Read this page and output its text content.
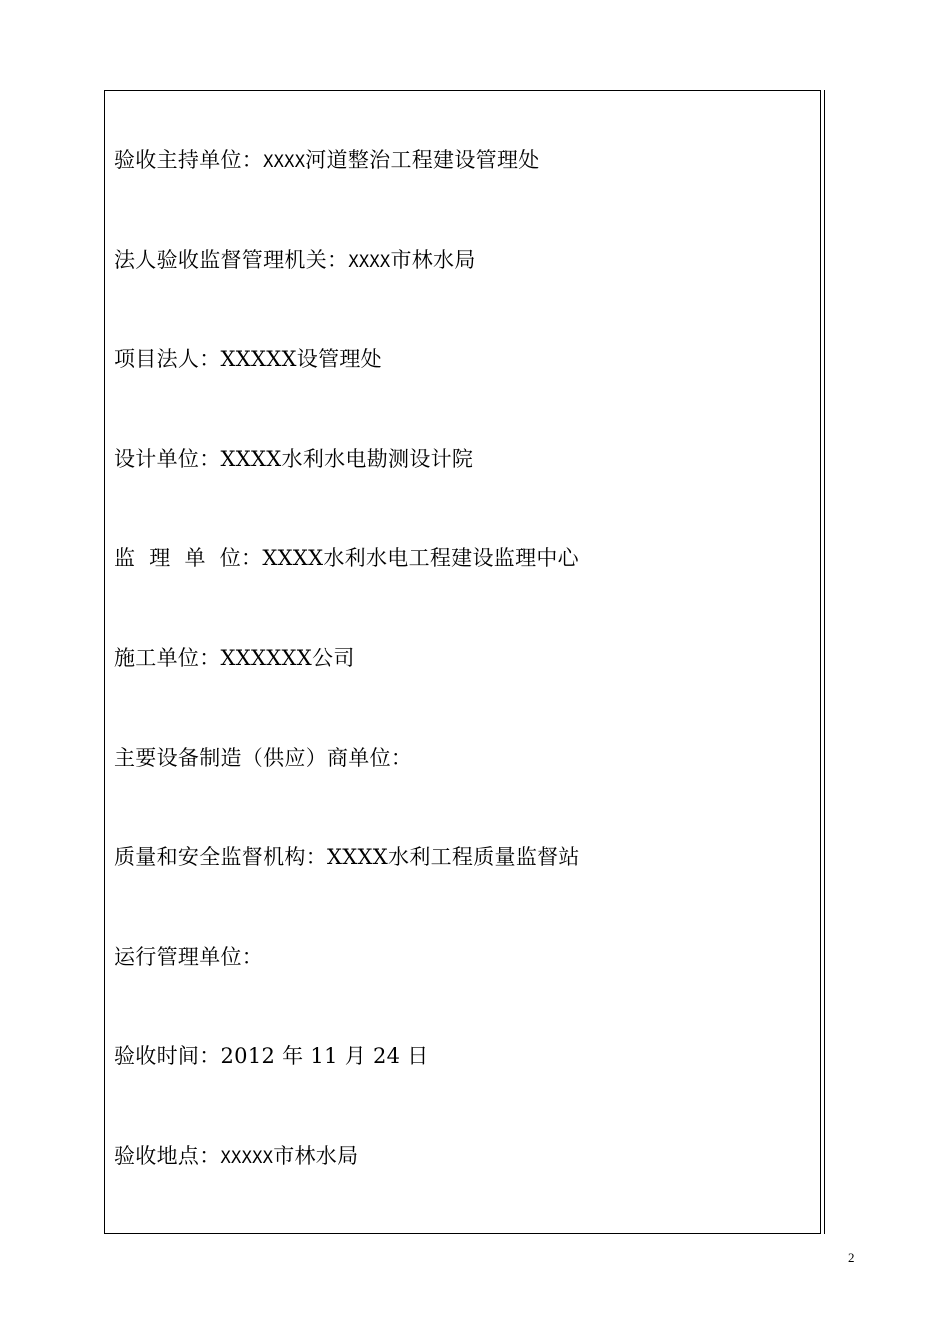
验收主持单位：XXXX河道整治工程建设管理处
法人验收监督管理机关：XXXX市林水局
项目法人：XXXXX设管理处
设计单位：XXXX水利水电勘测设计院
监  理  单  位：XXXX水利水电工程建设监理中心
施工单位：XXXXXX公司
主要设备制造（供应）商单位：
质量和安全监督机构：XXXX水利工程质量监督站
运行管理单位：
验收时间：2012 年 11 月 24 日
验收地点：XXXXX市林水局
2
